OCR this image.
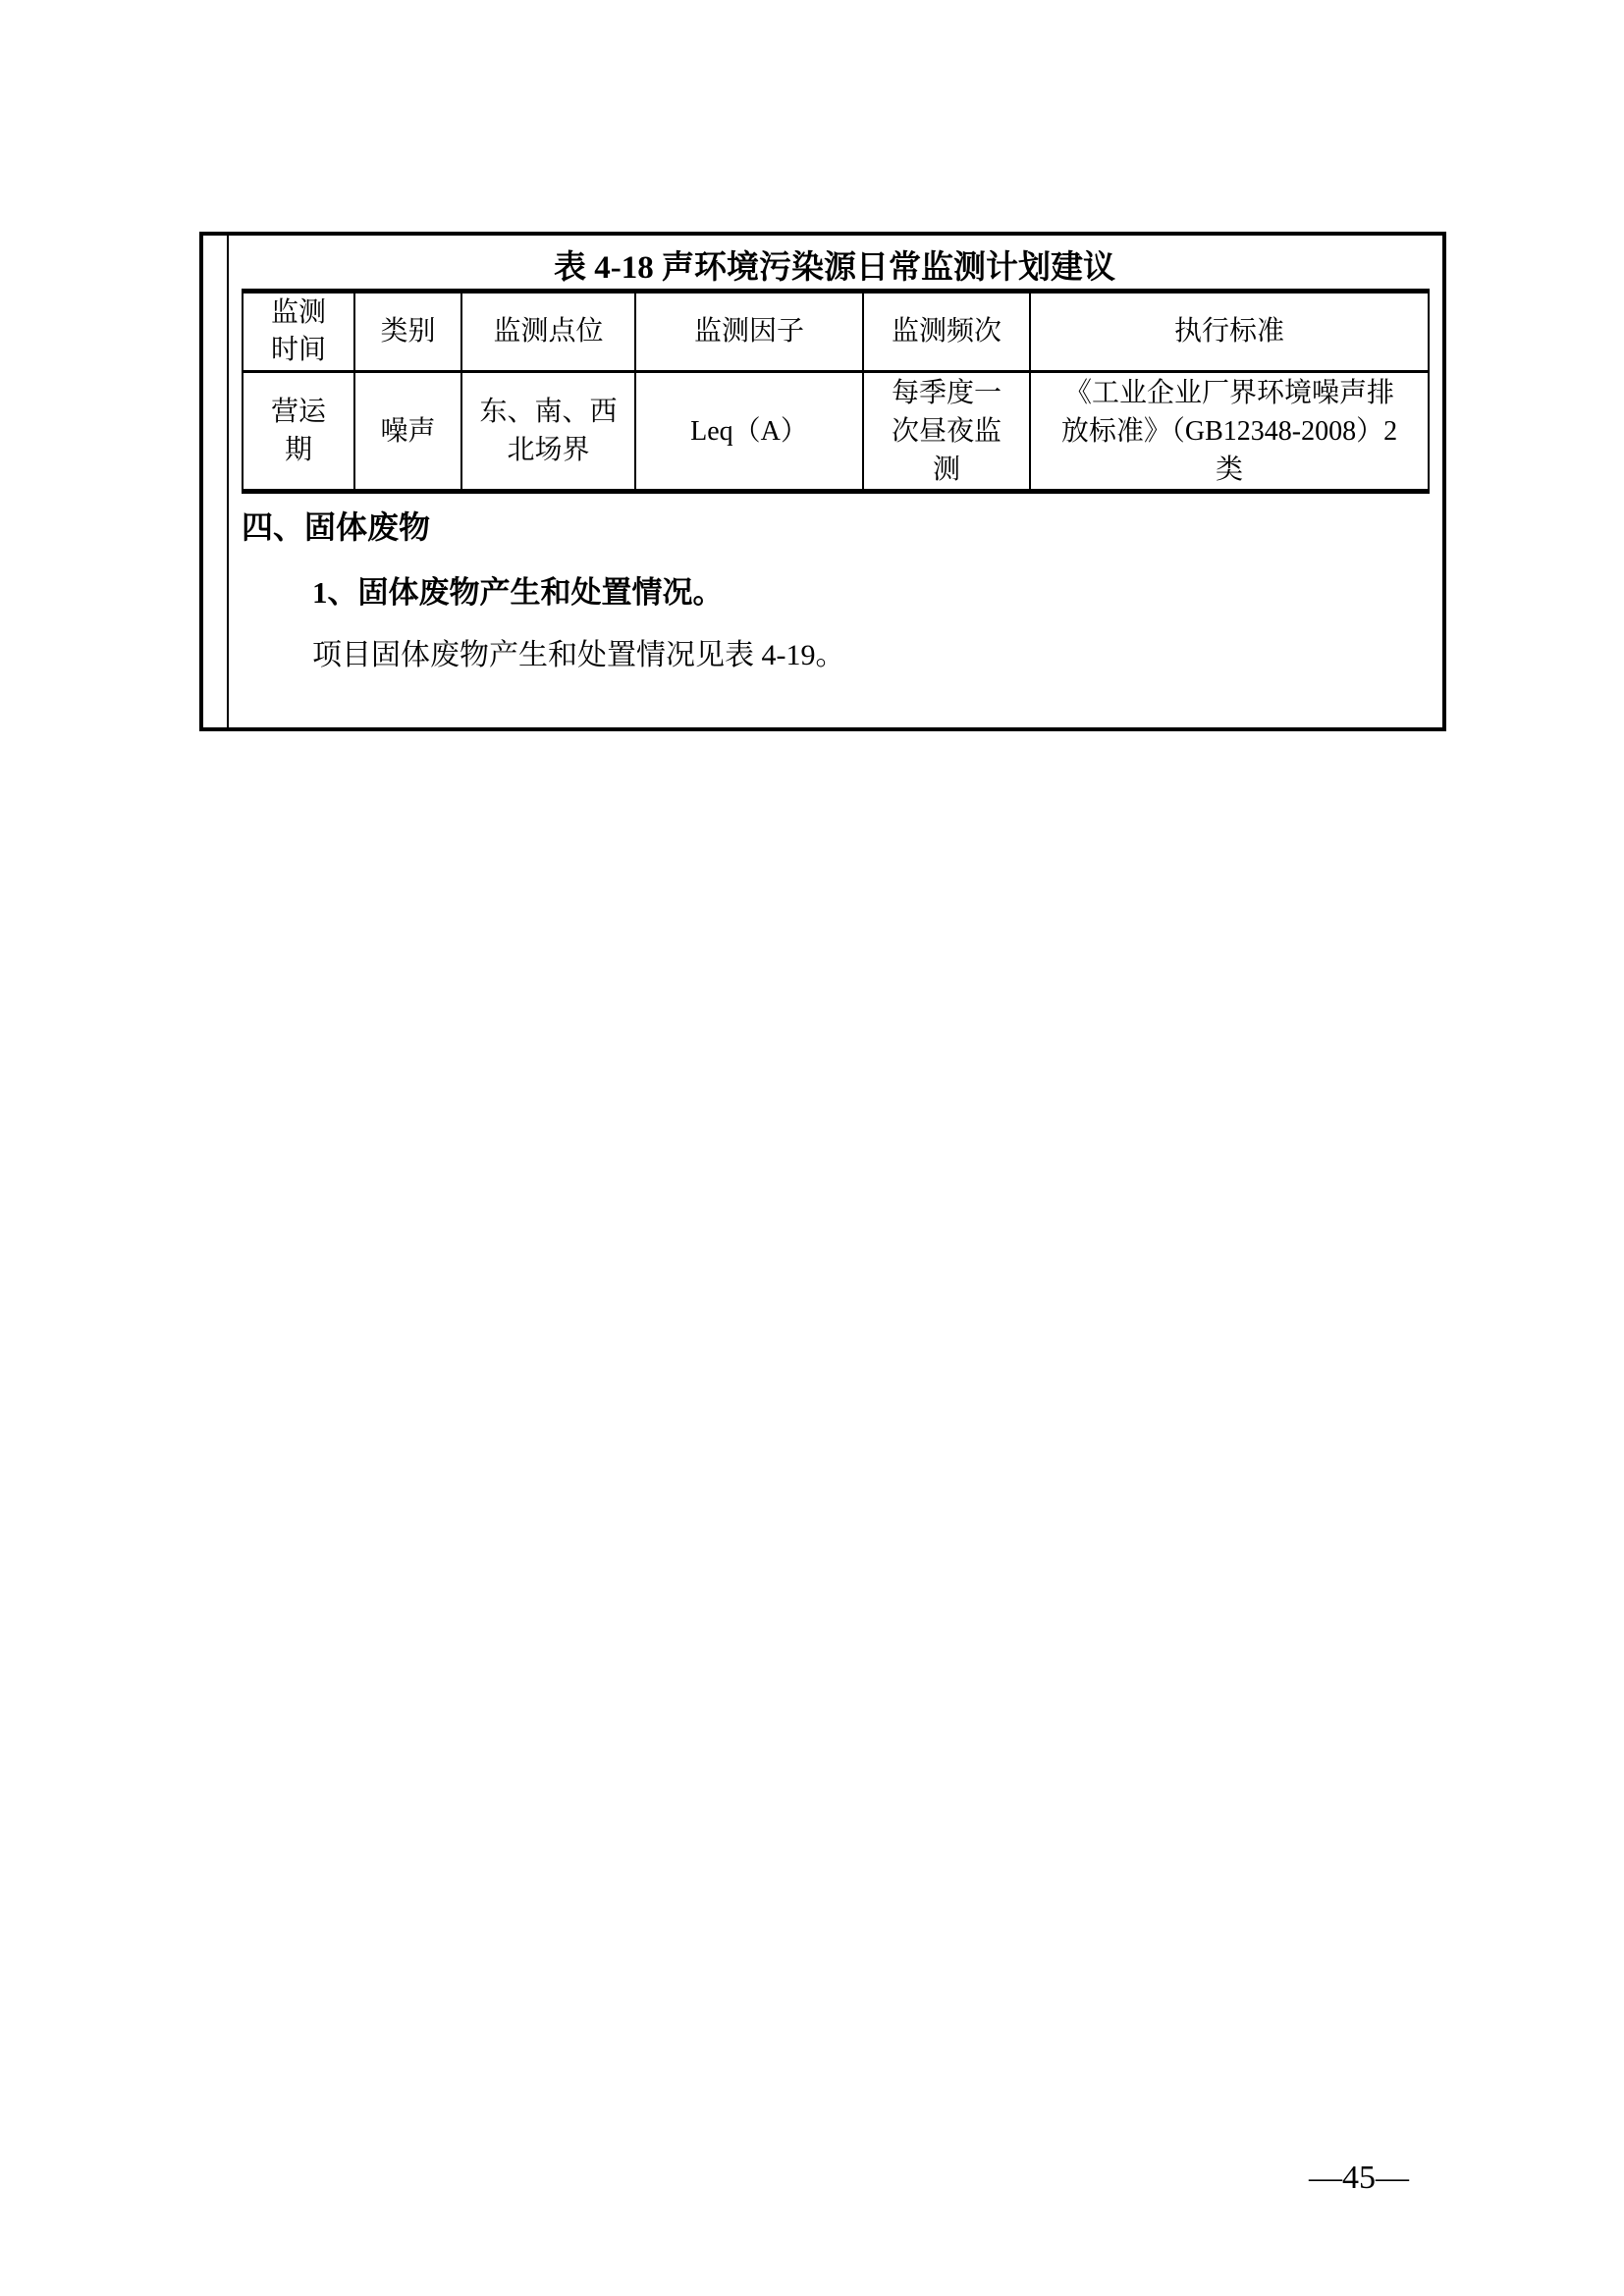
表 4-18 声环境污染源日常监测计划建议
监测时间	类别	监测点位	监测因子	监测频次	执行标准
营运期	噪声	东、南、西北场界	Leq（A）	每季度一次昼夜监测	《工业企业厂界环境噪声排放标准》（GB12348-2008）2类
四、固体废物
1、固体废物产生和处置情况。
项目固体废物产生和处置情况见表 4-19。
—45—
